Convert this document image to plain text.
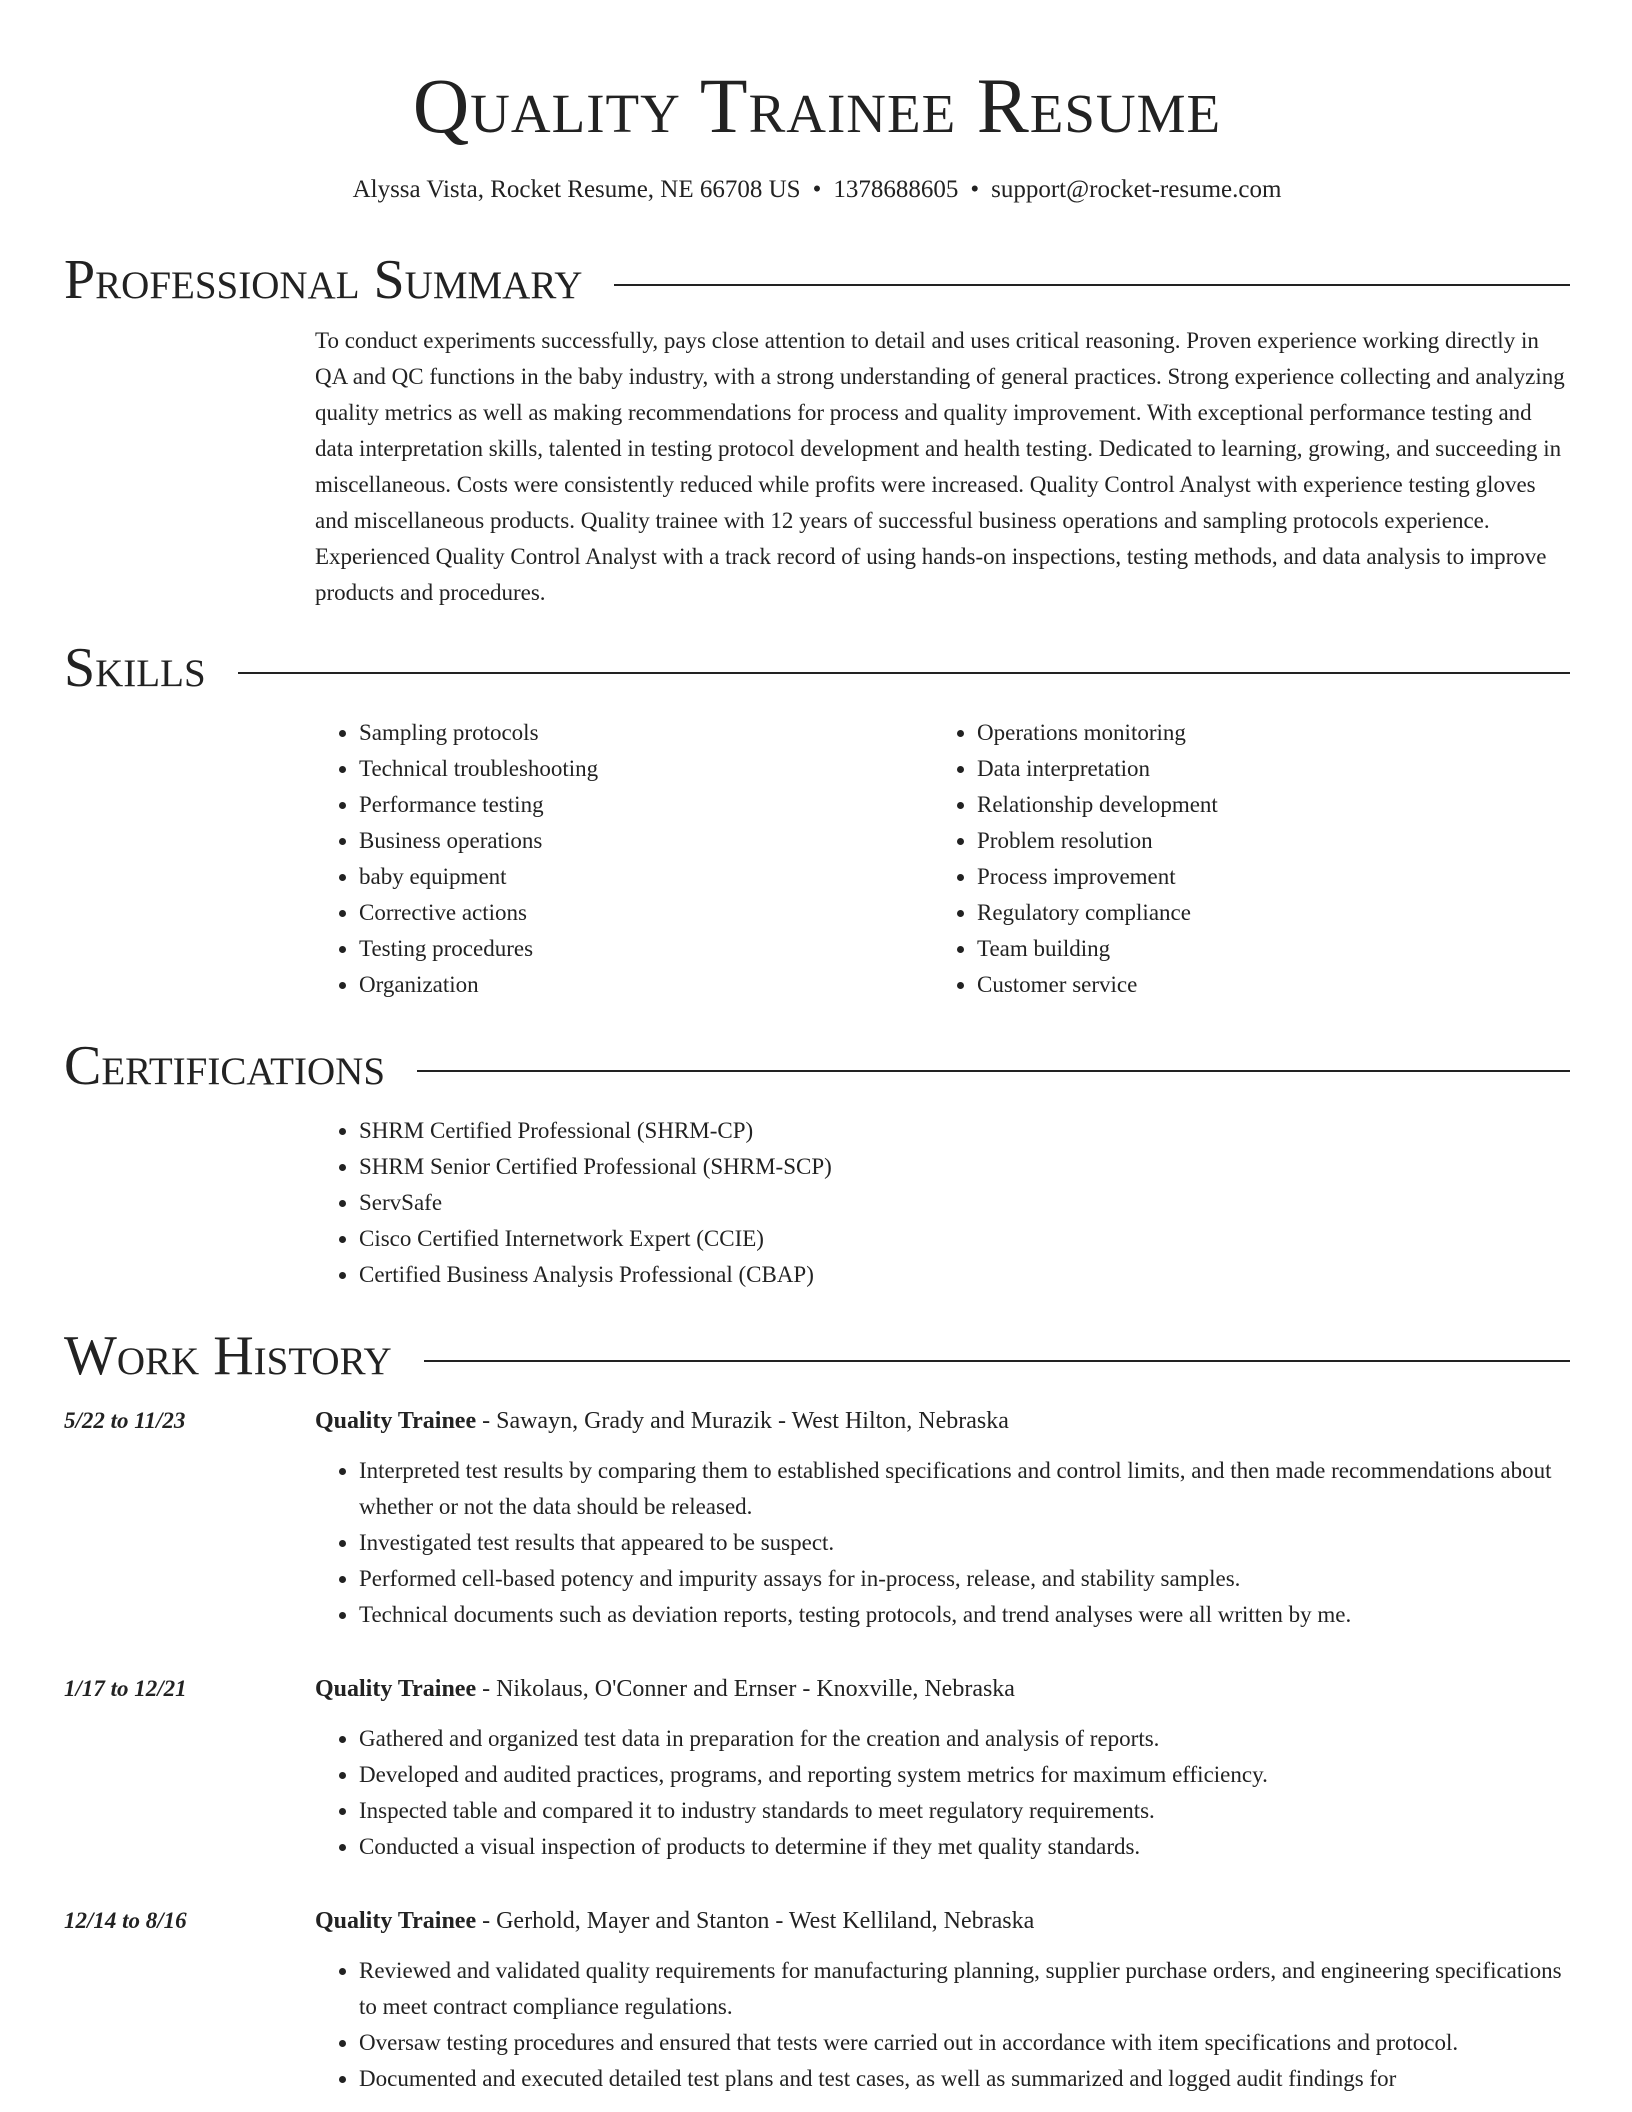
Quality Trainee Resume
Alyssa Vista, Rocket Resume, NE 66708 US • 1378688605 • support@rocket-resume.com
Professional Summary
To conduct experiments successfully, pays close attention to detail and uses critical reasoning. Proven experience working directly in QA and QC functions in the baby industry, with a strong understanding of general practices. Strong experience collecting and analyzing quality metrics as well as making recommendations for process and quality improvement. With exceptional performance testing and data interpretation skills, talented in testing protocol development and health testing. Dedicated to learning, growing, and succeeding in miscellaneous. Costs were consistently reduced while profits were increased. Quality Control Analyst with experience testing gloves and miscellaneous products. Quality trainee with 12 years of successful business operations and sampling protocols experience. Experienced Quality Control Analyst with a track record of using hands-on inspections, testing methods, and data analysis to improve products and procedures.
Skills
• Sampling protocols
• Technical troubleshooting
• Performance testing
• Business operations
• baby equipment
• Corrective actions
• Testing procedures
• Organization
• Operations monitoring
• Data interpretation
• Relationship development
• Problem resolution
• Process improvement
• Regulatory compliance
• Team building
• Customer service
Certifications
• SHRM Certified Professional (SHRM-CP)
• SHRM Senior Certified Professional (SHRM-SCP)
• ServSafe
• Cisco Certified Internetwork Expert (CCIE)
• Certified Business Analysis Professional (CBAP)
Work History
5/22 to 11/23	Quality Trainee - Sawayn, Grady and Murazik - West Hilton, Nebraska
• Interpreted test results by comparing them to established specifications and control limits, and then made recommendations about whether or not the data should be released.
• Investigated test results that appeared to be suspect.
• Performed cell-based potency and impurity assays for in-process, release, and stability samples.
• Technical documents such as deviation reports, testing protocols, and trend analyses were all written by me.
1/17 to 12/21	Quality Trainee - Nikolaus, O'Conner and Ernser - Knoxville, Nebraska
• Gathered and organized test data in preparation for the creation and analysis of reports.
• Developed and audited practices, programs, and reporting system metrics for maximum efficiency.
• Inspected table and compared it to industry standards to meet regulatory requirements.
• Conducted a visual inspection of products to determine if they met quality standards.
12/14 to 8/16	Quality Trainee - Gerhold, Mayer and Stanton - West Kelliland, Nebraska
• Reviewed and validated quality requirements for manufacturing planning, supplier purchase orders, and engineering specifications to meet contract compliance regulations.
• Oversaw testing procedures and ensured that tests were carried out in accordance with item specifications and protocol.
• Documented and executed detailed test plans and test cases, as well as summarized and logged audit findings for
